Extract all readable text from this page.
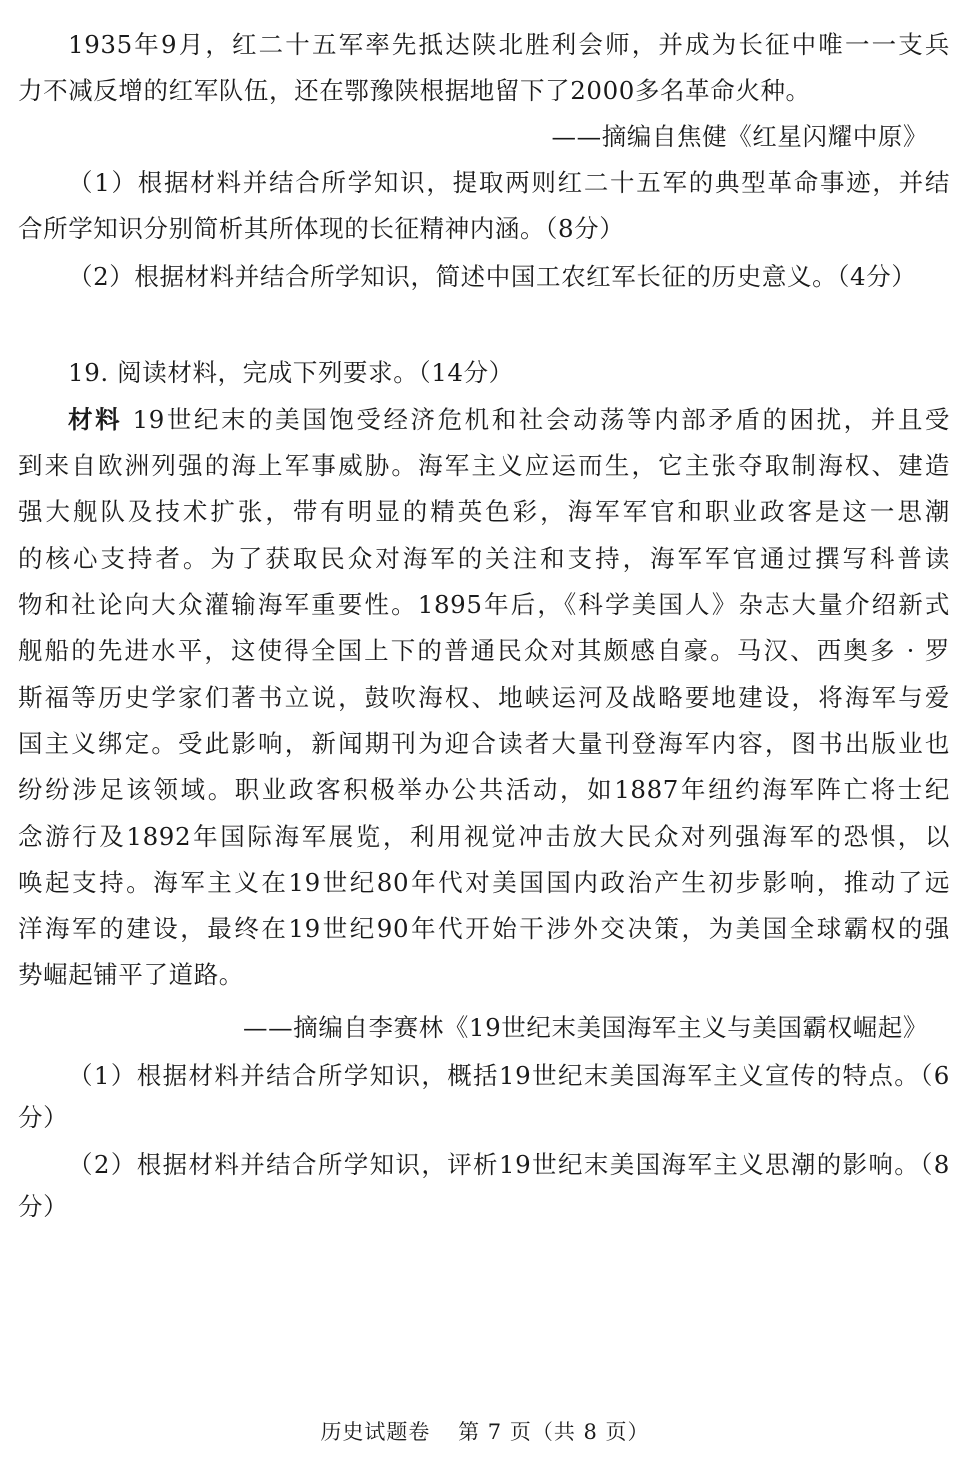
1935年9月，红二十五军率先抵达陕北胜利会师，并成为长征中唯一一支兵
力不减反增的红军队伍，还在鄂豫陕根据地留下了2000多名革命火种。
——摘编自焦健《红星闪耀中原》
（1）根据材料并结合所学知识，提取两则红二十五军的典型革命事迹，并结
合所学知识分别简析其所体现的长征精神内涵。（8分）
（2）根据材料并结合所学知识，简述中国工农红军长征的历史意义。（4分）
19. 阅读材料，完成下列要求。（14分）
材料 19世纪末的美国饱受经济危机和社会动荡等内部矛盾的困扰，并且受
到来自欧洲列强的海上军事威胁。海军主义应运而生，它主张夺取制海权、建造
强大舰队及技术扩张，带有明显的精英色彩，海军军官和职业政客是这一思潮
的核心支持者。为了获取民众对海军的关注和支持，海军军官通过撰写科普读
物和社论向大众灌输海军重要性。1895年后，《科学美国人》杂志大量介绍新式
舰船的先进水平，这使得全国上下的普通民众对其颇感自豪。马汉、西奥多 · 罗
斯福等历史学家们著书立说，鼓吹海权、地峡运河及战略要地建设，将海军与爱
国主义绑定。受此影响，新闻期刊为迎合读者大量刊登海军内容，图书出版业也
纷纷涉足该领域。职业政客积极举办公共活动，如1887年纽约海军阵亡将士纪
念游行及1892年国际海军展览，利用视觉冲击放大民众对列强海军的恐惧，以
唤起支持。海军主义在19世纪80年代对美国国内政治产生初步影响，推动了远
洋海军的建设，最终在19世纪90年代开始干涉外交决策，为美国全球霸权的强
势崛起铺平了道路。
——摘编自李赛林《19世纪末美国海军主义与美国霸权崛起》
（1）根据材料并结合所学知识，概括19世纪末美国海军主义宣传的特点。（6
分）
（2）根据材料并结合所学知识，评析19世纪末美国海军主义思潮的影响。（8
分）
历史试题卷 第 7 页（共 8 页）
